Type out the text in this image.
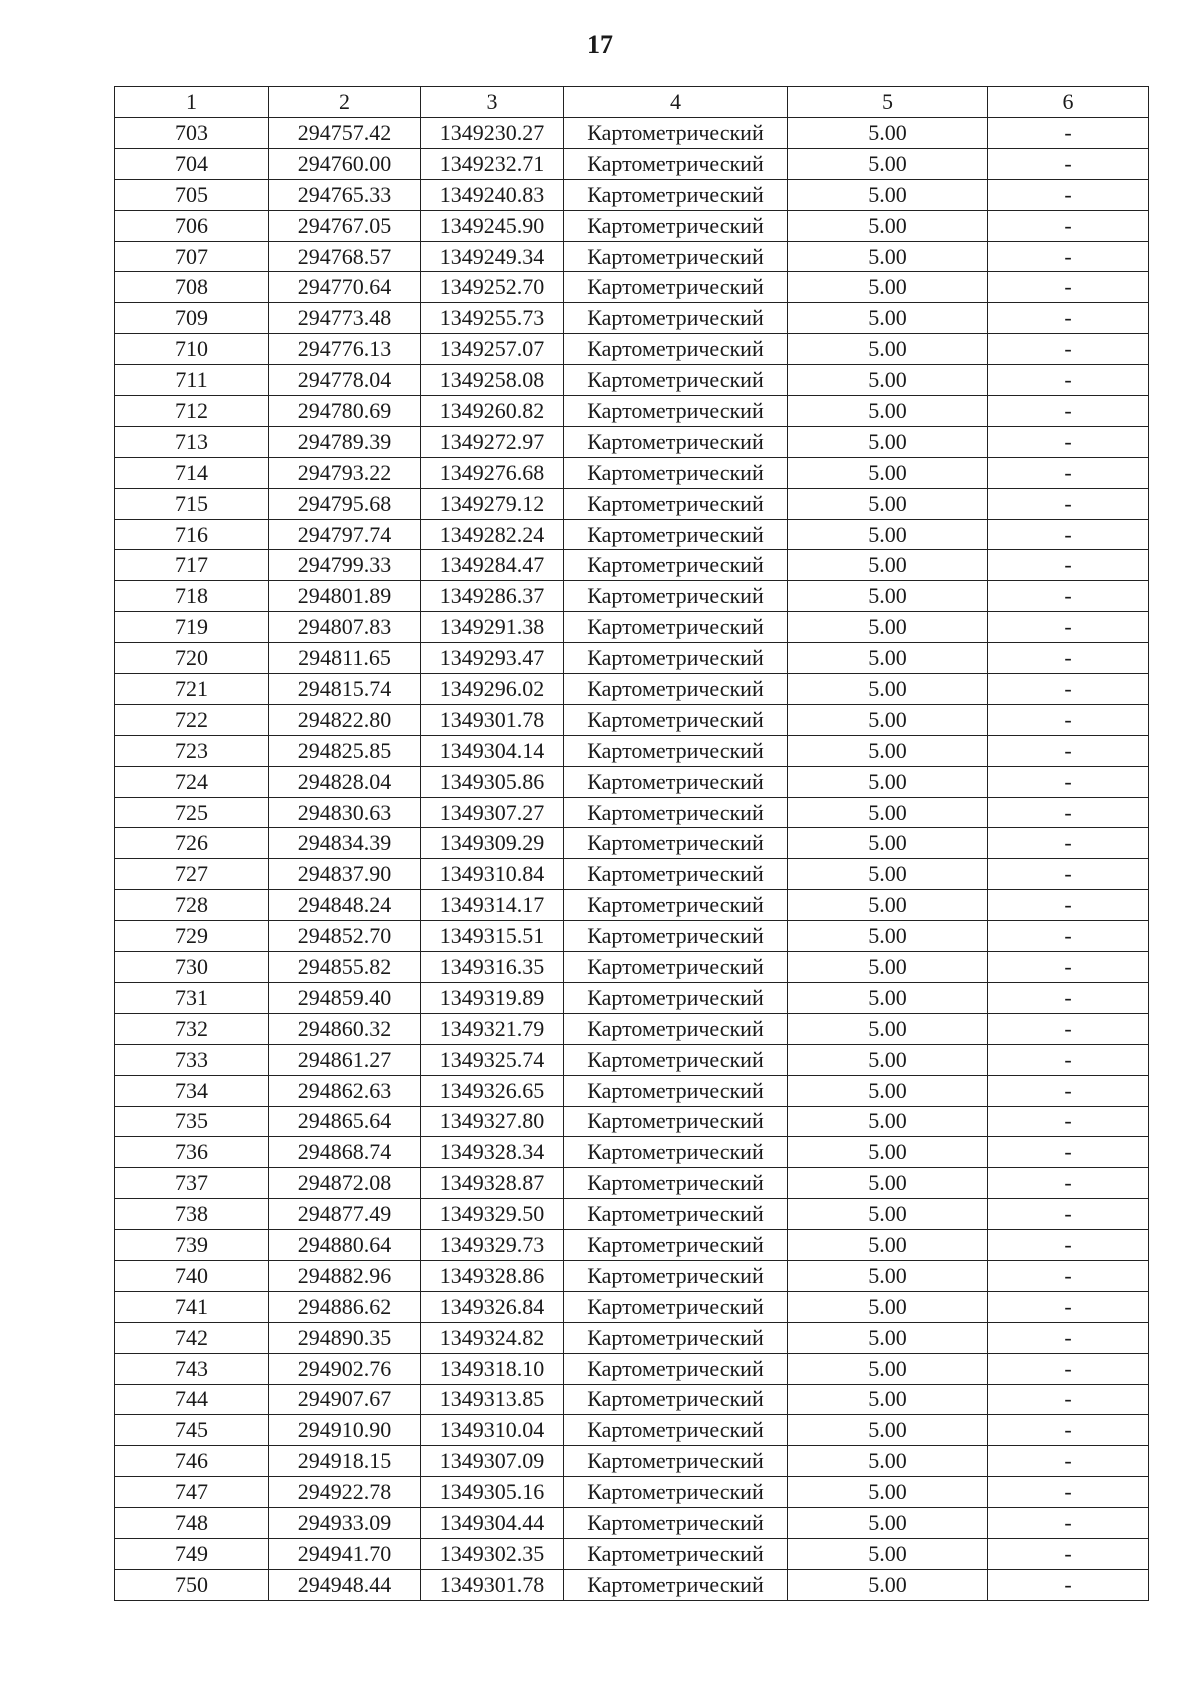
17
1	2	3	4	5	6
703	294757.42	1349230.27	Картометрический	5.00	-
704	294760.00	1349232.71	Картометрический	5.00	-
705	294765.33	1349240.83	Картометрический	5.00	-
706	294767.05	1349245.90	Картометрический	5.00	-
707	294768.57	1349249.34	Картометрический	5.00	-
708	294770.64	1349252.70	Картометрический	5.00	-
709	294773.48	1349255.73	Картометрический	5.00	-
710	294776.13	1349257.07	Картометрический	5.00	-
711	294778.04	1349258.08	Картометрический	5.00	-
712	294780.69	1349260.82	Картометрический	5.00	-
713	294789.39	1349272.97	Картометрический	5.00	-
714	294793.22	1349276.68	Картометрический	5.00	-
715	294795.68	1349279.12	Картометрический	5.00	-
716	294797.74	1349282.24	Картометрический	5.00	-
717	294799.33	1349284.47	Картометрический	5.00	-
718	294801.89	1349286.37	Картометрический	5.00	-
719	294807.83	1349291.38	Картометрический	5.00	-
720	294811.65	1349293.47	Картометрический	5.00	-
721	294815.74	1349296.02	Картометрический	5.00	-
722	294822.80	1349301.78	Картометрический	5.00	-
723	294825.85	1349304.14	Картометрический	5.00	-
724	294828.04	1349305.86	Картометрический	5.00	-
725	294830.63	1349307.27	Картометрический	5.00	-
726	294834.39	1349309.29	Картометрический	5.00	-
727	294837.90	1349310.84	Картометрический	5.00	-
728	294848.24	1349314.17	Картометрический	5.00	-
729	294852.70	1349315.51	Картометрический	5.00	-
730	294855.82	1349316.35	Картометрический	5.00	-
731	294859.40	1349319.89	Картометрический	5.00	-
732	294860.32	1349321.79	Картометрический	5.00	-
733	294861.27	1349325.74	Картометрический	5.00	-
734	294862.63	1349326.65	Картометрический	5.00	-
735	294865.64	1349327.80	Картометрический	5.00	-
736	294868.74	1349328.34	Картометрический	5.00	-
737	294872.08	1349328.87	Картометрический	5.00	-
738	294877.49	1349329.50	Картометрический	5.00	-
739	294880.64	1349329.73	Картометрический	5.00	-
740	294882.96	1349328.86	Картометрический	5.00	-
741	294886.62	1349326.84	Картометрический	5.00	-
742	294890.35	1349324.82	Картометрический	5.00	-
743	294902.76	1349318.10	Картометрический	5.00	-
744	294907.67	1349313.85	Картометрический	5.00	-
745	294910.90	1349310.04	Картометрический	5.00	-
746	294918.15	1349307.09	Картометрический	5.00	-
747	294922.78	1349305.16	Картометрический	5.00	-
748	294933.09	1349304.44	Картометрический	5.00	-
749	294941.70	1349302.35	Картометрический	5.00	-
750	294948.44	1349301.78	Картометрический	5.00	-
